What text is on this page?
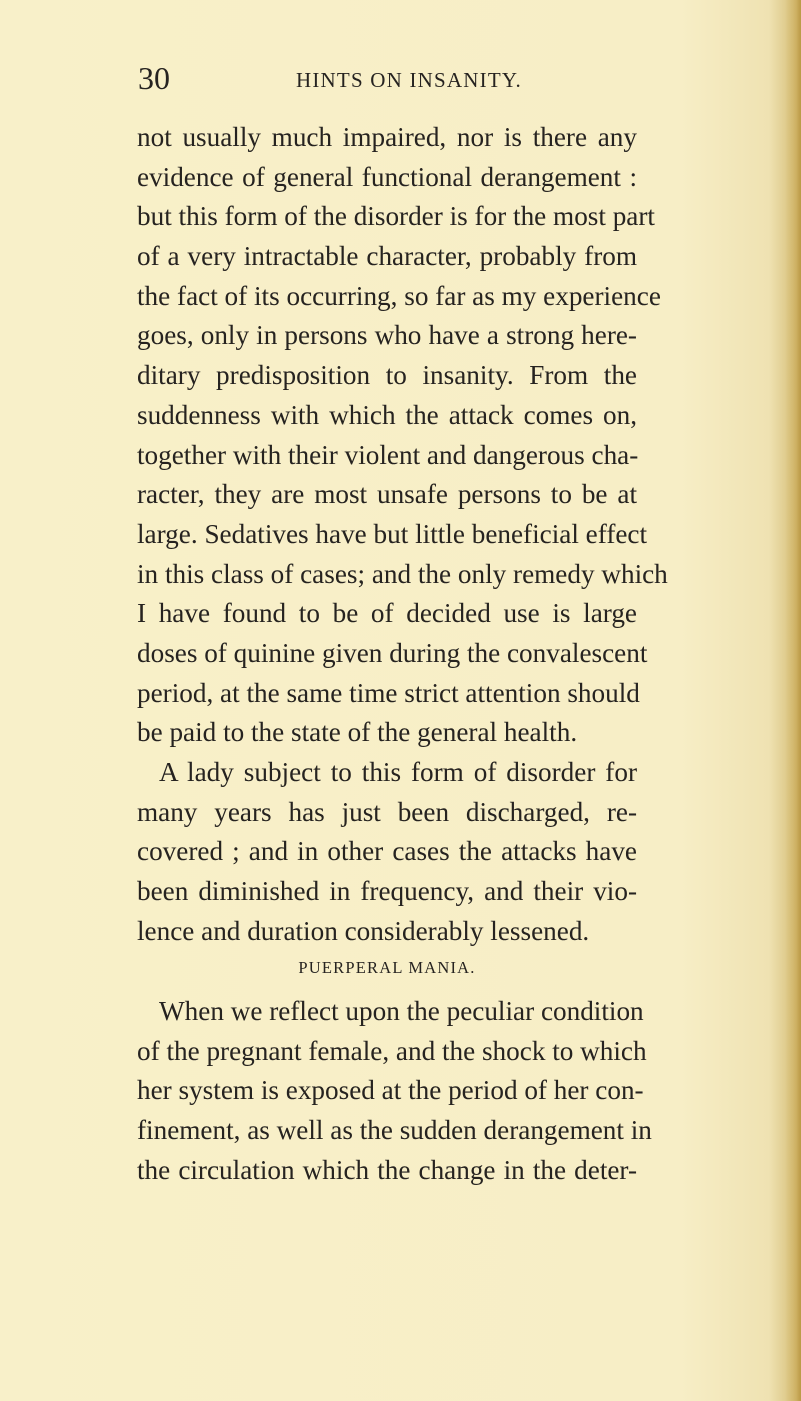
30	HINTS ON INSANITY.
not usually much impaired, nor is there any
evidence of general functional derangement :
but this form of the disorder is for the most part
of a very intractable character, probably from
the fact of its occurring, so far as my experience
goes, only in persons who have a strong here-
ditary predisposition to insanity. From the
suddenness with which the attack comes on,
together with their violent and dangerous cha-
racter, they are most unsafe persons to be at
large. Sedatives have but little beneficial effect
in this class of cases; and the only remedy which
I have found to be of decided use is large
doses of quinine given during the convalescent
period, at the same time strict attention should
be paid to the state of the general health.
A lady subject to this form of disorder for
many years has just been discharged, re-
covered ; and in other cases the attacks have
been diminished in frequency, and their vio-
lence and duration considerably lessened.
PUERPERAL MANIA.
When we reflect upon the peculiar condition
of the pregnant female, and the shock to which
her system is exposed at the period of her con-
finement, as well as the sudden derangement in
the circulation which the change in the deter-
